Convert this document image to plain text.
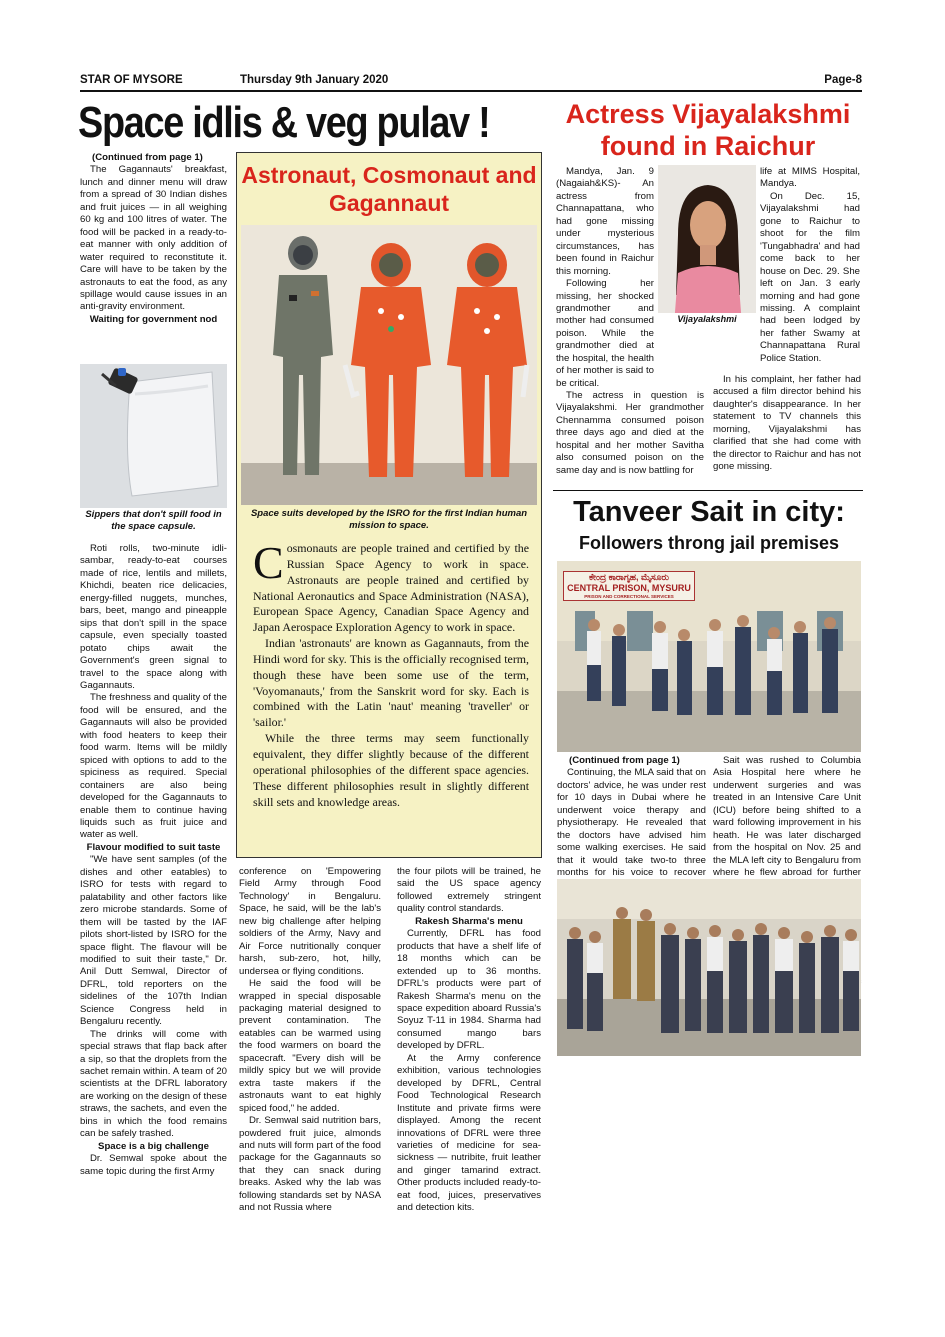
STAR OF MYSORE	Thursday 9th January 2020	Page-8
Space idlis & veg pulav !
(Continued from page 1)

The Gagannauts' breakfast, lunch and dinner menu will draw from a spread of 30 Indian dishes and fruit juices — in all weighing 60 kg and 100 litres of water. The food will be packed in a ready-to-eat manner with only addition of water required to reconstitute it. Care will have to be taken by the astronauts to eat the food, as any spillage would cause issues in an anti-gravity environment.

Waiting for government nod
Sippers that don't spill food in the space capsule.

Roti rolls, two-minute idli-sambar, ready-to-eat courses made of rice, lentils and millets, Khichdi, beaten rice delicacies, energy-filled nuggets, munches, bars, beet, mango and pineapple sips that don't spill in the space capsule, even specially toasted potato chips await the Government's green signal to travel to the space along with Gagannauts.

The freshness and quality of the food will be ensured, and the Gagannauts will also be provided with food heaters to keep their food warm. Items will be mildly spiced with options to add to the spiciness as required. Special containers are also being developed for the Gagannauts to enable them to continue having liquids such as fruit juice and water as well.

Flavour modified to suit taste

"We have sent samples (of the dishes and other eatables) to ISRO for tests with regard to palatability and other factors like zero microbe standards. Some of them will be tasted by the IAF pilots short-listed by ISRO for the space flight. The flavour will be modified to suit their taste," Dr. Anil Dutt Semwal, Director of DFRL, told reporters on the sidelines of the 107th Indian Science Congress held in Bengaluru recently.

The drinks will come with special straws that flap back after a sip, so that the droplets from the sachet remain within. A team of 20 scientists at the DFRL laboratory are working on the design of these straws, the sachets, and even the bins in which the food remains can be safely trashed.

Space is a big challenge

Dr. Semwal spoke about the same topic during the first Army

conference on 'Empowering Field Army through Food Technology' in Bengaluru. Space, he said, will be the lab's new big challenge after helping soldiers of the Army, Navy and Air Force nutritionally conquer harsh, sub-zero, hot, hilly, undersea or flying conditions.

He said the food will be wrapped in special disposable packaging material designed to prevent contamination. The eatables can be warmed using the food warmers on board the spacecraft. "Every dish will be mildly spicy but we will provide extra taste makers if the astronauts want to eat highly spiced food," he added.

Dr. Semwal said nutrition bars, powdered fruit juice, almonds and nuts will form part of the food package for the Gagannauts so that they can snack during breaks. Asked why the lab was following standards set by NASA and not Russia where

the four pilots will be trained, he said the US space agency followed extremely stringent quality control standards.
Rakesh Sharma's menu

Currently, DFRL has food products that have a shelf life of 18 months which can be extended up to 36 months. DFRL's products were part of Rakesh Sharma's menu on the space expedition aboard Russia's Soyuz T-11 in 1984. Sharma had consumed mango bars developed by DFRL.

At the Army conference exhibition, various technologies developed by DFRL, Central Food Technological Research Institute and private firms were displayed. Among the recent innovations of DFRL were three varieties of medicine for sea-sickness — nutribite, fruit leather and ginger tamarind extract. Other products included ready-to-eat food, juices, preservatives and detection kits.

Astronaut, Cosmonaut and Gagannaut
Space suits developed by the ISRO for the first Indian human mission to space.
C osmonauts are people trained and certified by the Russian Space Agency to work in space. Astronauts are people trained and certified by National Aeronautics and Space Administration (NASA), European Space Agency, Canadian Space Agency and Japan Aerospace Exploration Agency to work in space.

Indian 'astronauts' are known as Gagannauts, from the Hindi word for sky. This is the officially recognised term, though these have been some use of the term, 'Voyomanauts,' from the Sanskrit word for sky. Each is combined with the Latin 'naut' meaning 'traveller' or 'sailor.'

While the three terms may seem functionally equivalent, they differ slightly because of the different operational philosophies of the different space agencies. These different philosophies result in slightly different skill sets and knowledge areas.

Actress Vijayalakshmi
found in Raichur

Mandya, Jan. 9 (Nagaiah&KS)- An actress from Channapattana, who had gone missing under mysterious circumstances, has been found in Raichur this morning.

Following her missing, her shocked grandmother and mother had consumed poison. While the grandmother died at the hospital, the health of her mother is said to be critical.

Vijayalakshmi
life at MIMS Hospital, Mandya.

On Dec. 15, Vijayalakshmi had gone to Raichur to shoot for the film 'Tungabhadra' and had come back to her house on Dec. 29. She left on Jan. 3 early morning and had gone missing. A complaint had been lodged by her father Swamy at Channapattana Rural Police Station.

The actress in question is Vijayalakshmi. Her grandmother Chennamma consumed poison three days ago and died at the hospital and her mother Savitha also consumed poison on the same day and is now battling for

In his complaint, her father had accused a film director behind his daughter's disappearance. In her statement to TV channels this morning, Vijayalakshmi has clarified that she had come with the director to Raichur and has not gone missing.

Tanveer Sait in city:
Followers throng jail premises
ಕೇಂದ್ರ ಕಾರಾಗೃಹ, ಮೈಸೂರು
CENTRAL PRISON, MYSURU
PRISON AND CORRECTIONAL SERVICES
(Continued from page 1)

Continuing, the MLA said that on doctors' advice, he was under rest for 10 days in Dubai where he underwent voice therapy and physiotherapy. He revealed that the doctors have advised him some walking exercises. He said that it would take two-to three months for his voice to recover

Sait was rushed to Columbia Asia Hospital here where he underwent surgeries and was treated in an Intensive Care Unit (ICU) before being shifted to a ward following improvement in his heath. He was later discharged from the hospital on Nov. 25 and the MLA left city to Bengaluru from where he flew abroad for further
